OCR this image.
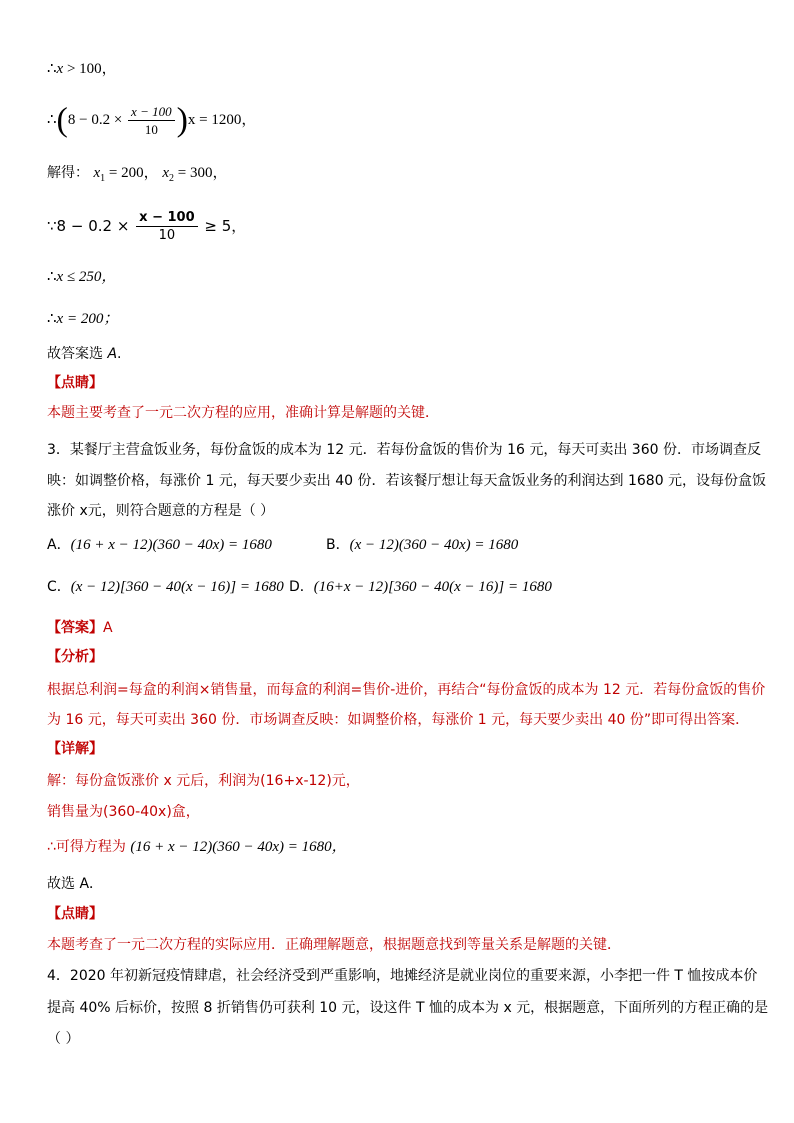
∴x > 100，
∴(8 − $0.2 \times \frac{x - 100}{10} )x = 1200$，
解得： $x_1 = 200$， $x_2 = 300$，
∵8 − $0.2 \times \frac{x - 100}{10} \ge 5$，
∴x ≤ 250，
∴x = 200；
故答案选 A.
【点睛】
本题主要考查了一元二次方程的应用，准确计算是解题的关键．
3．某餐厅主营盒饭业务，每份盒饭的成本为 12 元．若每份盒饭的售价为 16 元，每天可卖出 360 份．市场调查反
映：如调整价格，每涨价 1 元，每天要少卖出 40 份．若该餐厅想让每天盒饭业务的利润达到 1680 元，设每份盒饭
涨价 x元，则符合题意的方程是（ ）
A．(16 + x − 12)(360 − 40x) = 1680	B．(x − 12)(360 − 40x) = 1680
C．(x − 12)[360 − 40(x − 16)] = 1680 D．(16+x − 12)[360 − 40(x − 16)] = 1680
【答案】A
【分析】
根据总利润=每盒的利润×销售量，而每盒的利润=售价-进价，再结合“每份盒饭的成本为 12 元．若每份盒饭的售价
为 16 元，每天可卖出 360 份．市场调查反映：如调整价格，每涨价 1 元，每天要少卖出 40 份”即可得出答案．
【详解】
解：每份盒饭涨价 x 元后，利润为(16+x-12)元，
销售量为(360-40x)盒，
∴可得方程为 (16 + x − 12)(360 − 40x) = 1680，
故选 A．
【点睛】
本题考查了一元二次方程的实际应用．正确理解题意，根据题意找到等量关系是解题的关键．
4．2020 年初新冠疫情肆虐，社会经济受到严重影响，地摊经济是就业岗位的重要来源，小李把一件 T 恤按成本价
提高 40% 后标价，按照 8 折销售仍可获利 10 元，设这件 T 恤的成本为 x 元，根据题意，下面所列的方程正确的是
（ ）
